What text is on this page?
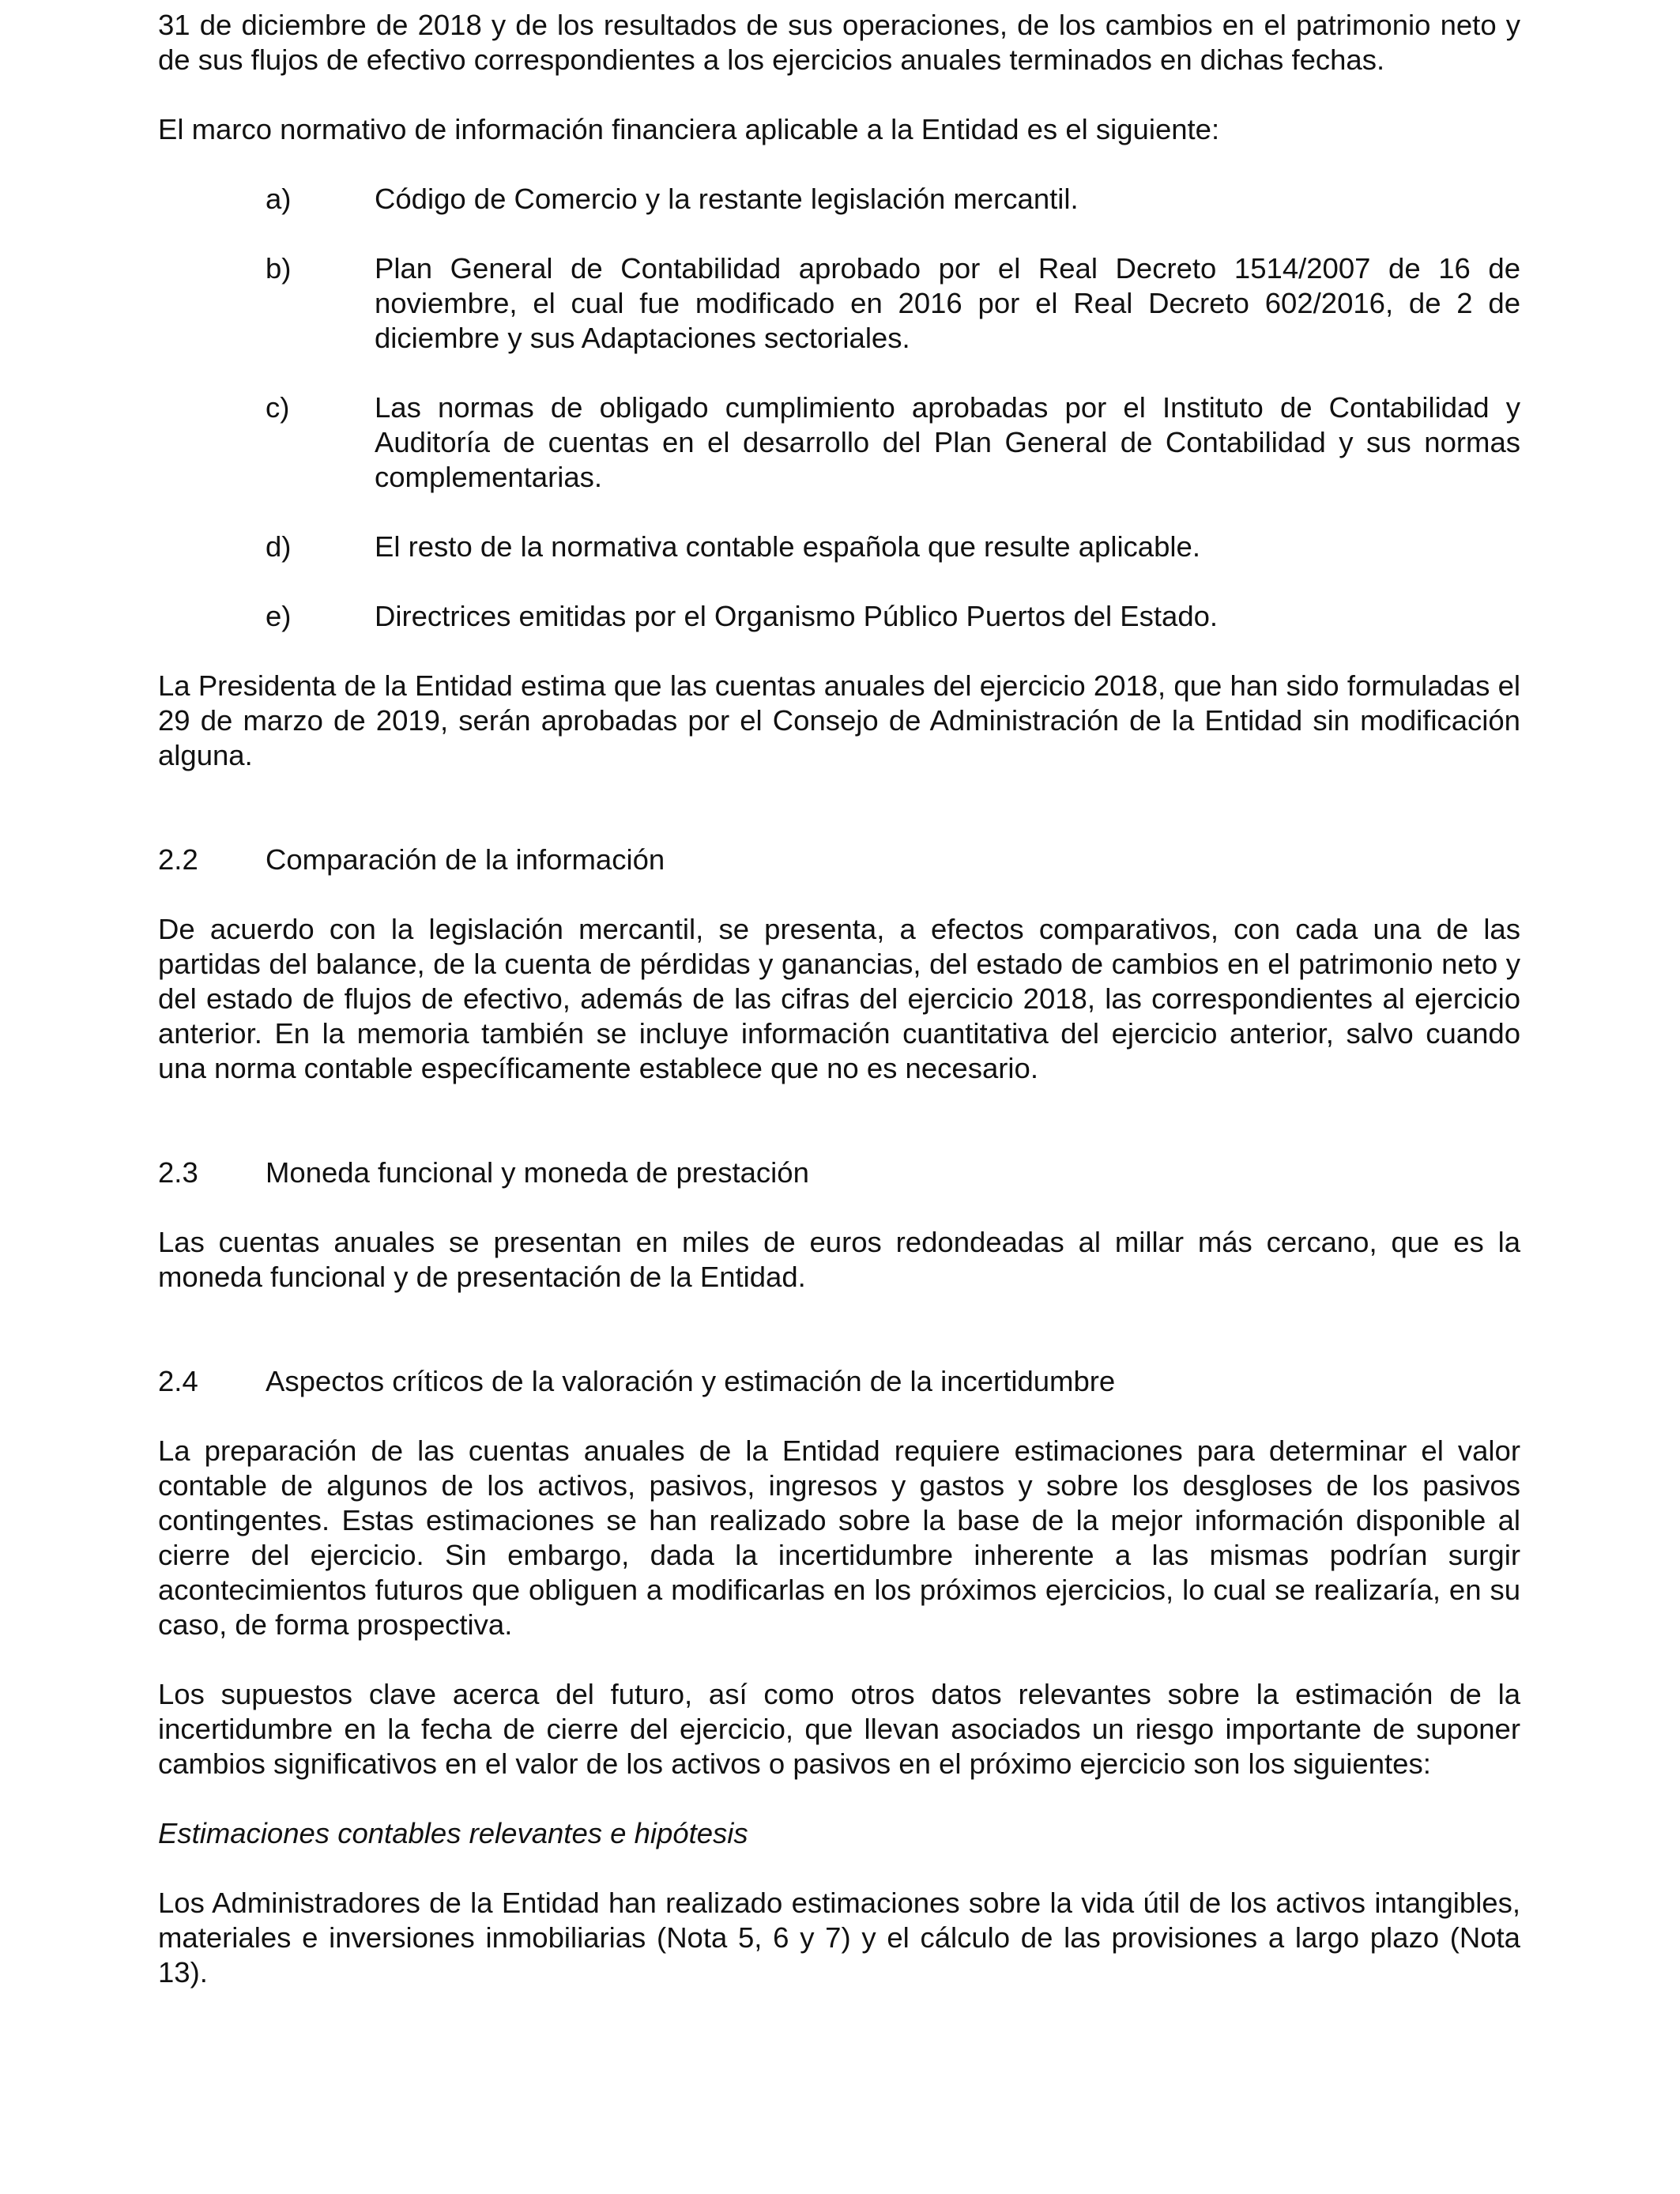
31 de diciembre de 2018 y de los resultados de sus operaciones, de los cambios en el patrimonio neto y de sus flujos de efectivo correspondientes a los ejercicios anuales terminados en dichas fechas.

El marco normativo de información financiera aplicable a la Entidad es el siguiente:

a)	Código de Comercio y la restante legislación mercantil.
b)	Plan General de Contabilidad aprobado por el Real Decreto 1514/2007 de 16 de noviembre, el cual fue modificado en 2016 por el Real Decreto 602/2016, de 2 de diciembre y sus Adaptaciones sectoriales.
c)	Las normas de obligado cumplimiento aprobadas por el Instituto de Contabilidad y Auditoría de cuentas en el desarrollo del Plan General de Contabilidad y sus normas complementarias.
d)	El resto de la normativa contable española que resulte aplicable.
e)	Directrices emitidas por el Organismo Público Puertos del Estado.

La Presidenta de la Entidad estima que las cuentas anuales del ejercicio 2018, que han sido formuladas el 29 de marzo de 2019, serán aprobadas por el Consejo de Administración de la Entidad sin modificación alguna.

2.2	Comparación de la información

De acuerdo con la legislación mercantil, se presenta, a efectos comparativos, con cada una de las partidas del balance, de la cuenta de pérdidas y ganancias, del estado de cambios en el patrimonio neto y del estado de flujos de efectivo, además de las cifras del ejercicio 2018, las correspondientes al ejercicio anterior. En la memoria también se incluye información cuantitativa del ejercicio anterior, salvo cuando una norma contable específicamente establece que no es necesario.

2.3	Moneda funcional y moneda de prestación

Las cuentas anuales se presentan en miles de euros redondeadas al millar más cercano, que es la moneda funcional y de presentación de la Entidad.

2.4	Aspectos críticos de la valoración y estimación de la incertidumbre

La preparación de las cuentas anuales de la Entidad requiere estimaciones para determinar el valor contable de algunos de los activos, pasivos, ingresos y gastos y sobre los desgloses de los pasivos contingentes. Estas estimaciones se han realizado sobre la base de la mejor información disponible al cierre del ejercicio. Sin embargo, dada la incertidumbre inherente a las mismas podrían surgir acontecimientos futuros que obliguen a modificarlas en los próximos ejercicios, lo cual se realizaría, en su caso, de forma prospectiva.

Los supuestos clave acerca del futuro, así como otros datos relevantes sobre la estimación de la incertidumbre en la fecha de cierre del ejercicio, que llevan asociados un riesgo importante de suponer cambios significativos en el valor de los activos o pasivos en el próximo ejercicio son los siguientes:

Estimaciones contables relevantes e hipótesis

Los Administradores de la Entidad han realizado estimaciones sobre la vida útil de los activos intangibles, materiales e inversiones inmobiliarias (Nota 5, 6 y 7) y el cálculo de las provisiones a largo plazo (Nota 13).
